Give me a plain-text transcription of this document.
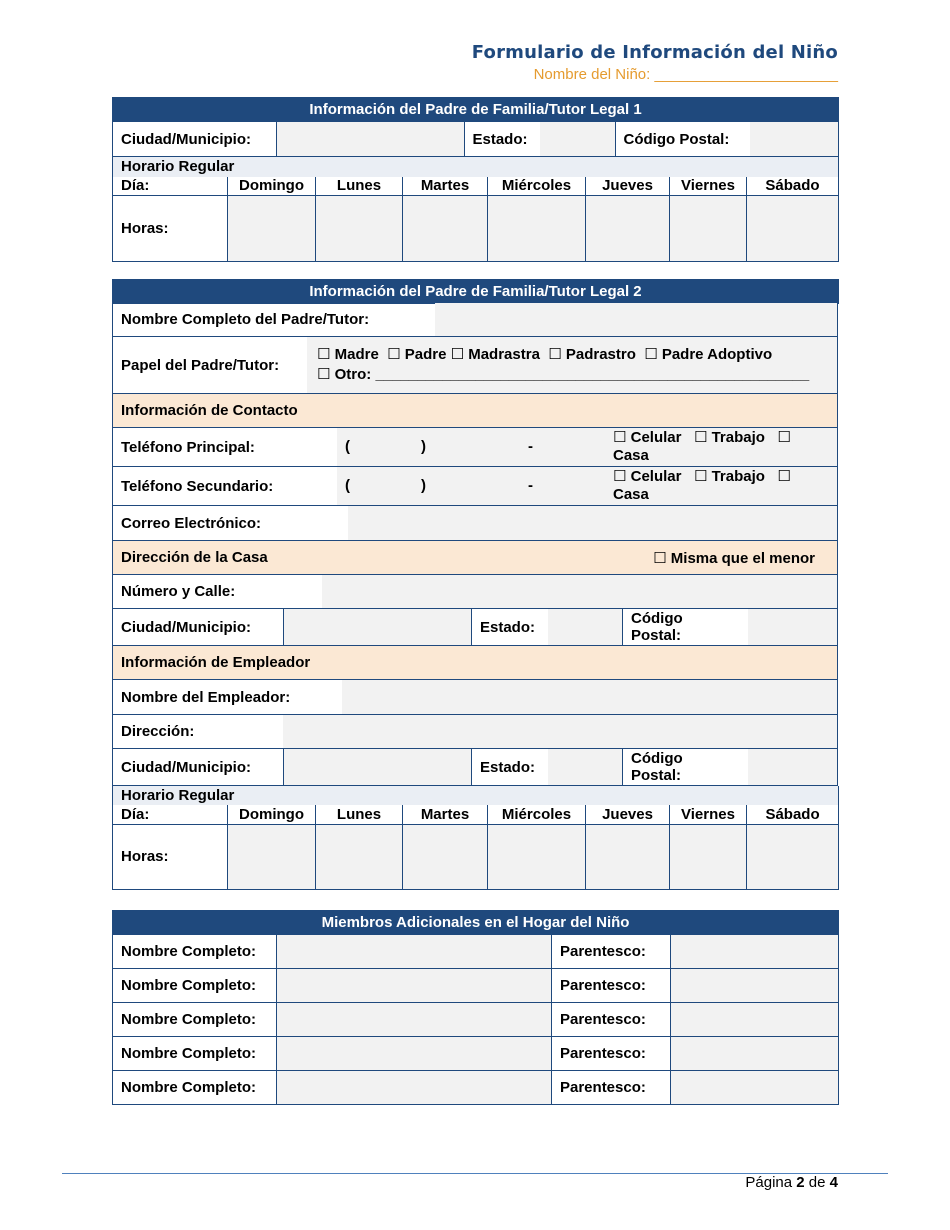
Formulario de Información del Niño
Nombre del Niño: ______________________
Información del Padre de Familia/Tutor Legal 1

Ciudad/Municipio:		Estado:		Código Postal:	

Horario Regular
Día:	Domingo	Lunes	Martes	Miércoles	Jueves	Viernes	Sábado
Horas:							
Información del Padre de Familia/Tutor Legal 2
Nombre Completo del Padre/Tutor:
Papel del Padre/Tutor:
☐ Madre  ☐ Padre ☐ Madrastra  ☐ Padrastro  ☐ Padre Adoptivo
☐ Otro: ____________________________________________________
Información de Contacto
Teléfono Principal:	(	)	-
☐ Celular   ☐ Trabajo   ☐
Casa
Teléfono Secundario:	(	)	-
☐ Celular   ☐ Trabajo   ☐
Casa
Correo Electrónico:
Dirección de la Casa	☐ Misma que el menor
Número y Calle:
Ciudad/Municipio:	Estado:	Código
Postal:
Información de Empleador
Nombre del Empleador:
Dirección:
Ciudad/Municipio:	Estado:	Código
Postal:
Horario Regular							
Día:	Domingo	Lunes	Martes	Miércoles	Jueves	Viernes	Sábado
Horas:							
Miembros Adicionales en el Hogar del Niño			
Nombre Completo:		Parentesco:	
Nombre Completo:		Parentesco:	
Nombre Completo:		Parentesco:	
Nombre Completo:		Parentesco:	
Nombre Completo:		Parentesco:	
Página 2 de 4
